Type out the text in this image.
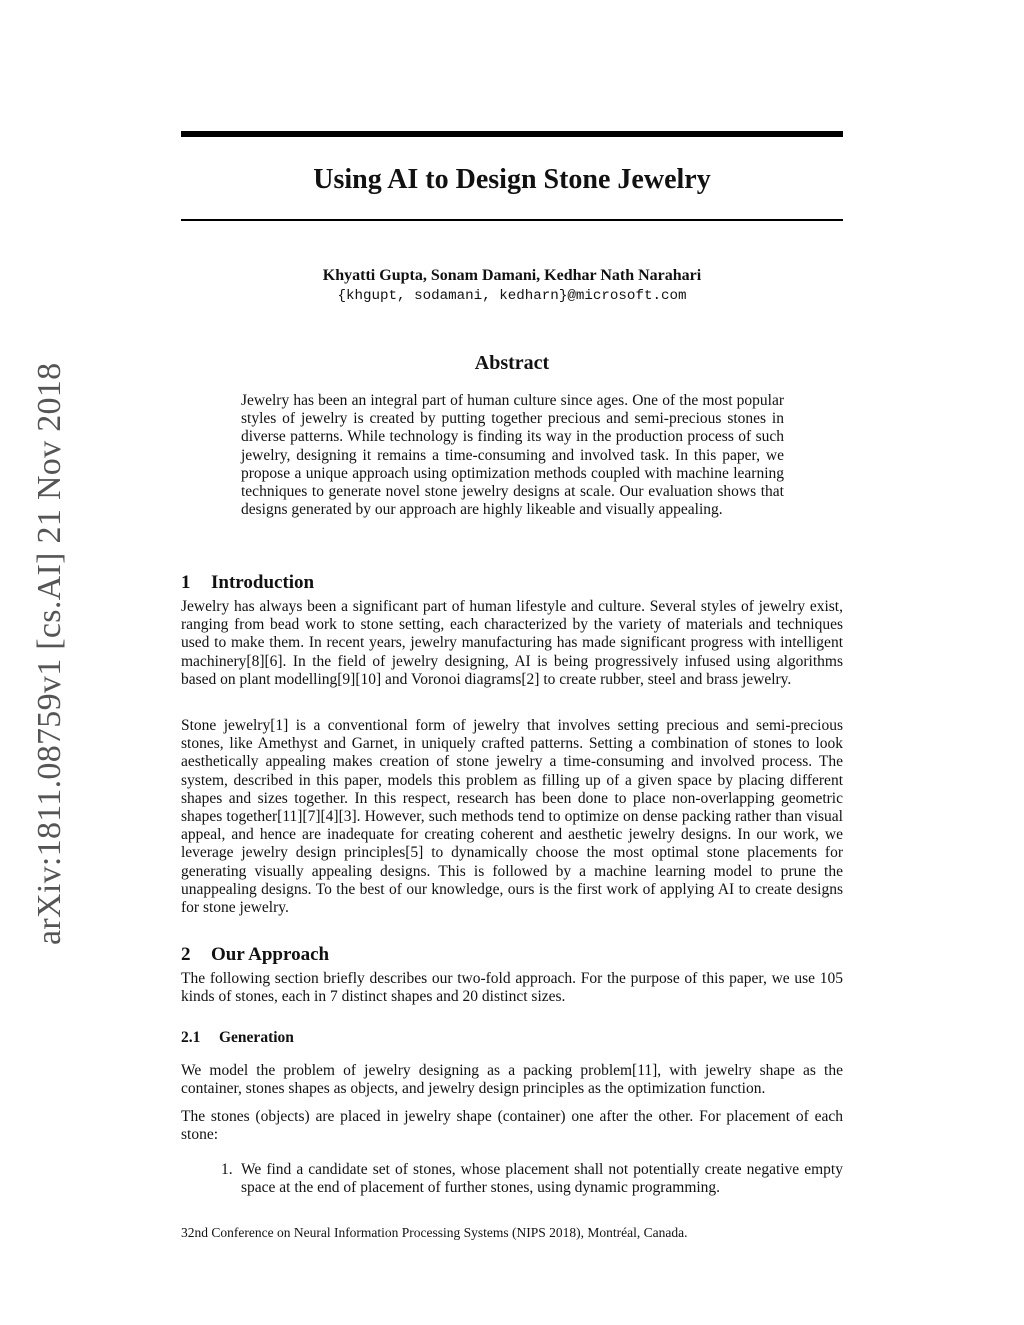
arXiv:1811.08759v1 [cs.AI] 21 Nov 2018
Using AI to Design Stone Jewelry
Khyatti Gupta, Sonam Damani, Kedhar Nath Narahari
{khgupt, sodamani, kedharn}@microsoft.com
Abstract

Jewelry has been an integral part of human culture since ages. One of the most popular styles of jewelry is created by putting together precious and semi-precious stones in diverse patterns. While technology is finding its way in the production process of such jewelry, designing it remains a time-consuming and involved task. In this paper, we propose a unique approach using optimization methods coupled with machine learning techniques to generate novel stone jewelry designs at scale. Our evaluation shows that designs generated by our approach are highly likeable and visually appealing.

1 Introduction

Jewelry has always been a significant part of human lifestyle and culture. Several styles of jewelry exist, ranging from bead work to stone setting, each characterized by the variety of materials and techniques used to make them. In recent years, jewelry manufacturing has made significant progress with intelligent machinery[8][6]. In the field of jewelry designing, AI is being progressively infused using algorithms based on plant modelling[9][10] and Voronoi diagrams[2] to create rubber, steel and brass jewelry.

Stone jewelry[1] is a conventional form of jewelry that involves setting precious and semi-precious stones, like Amethyst and Garnet, in uniquely crafted patterns. Setting a combination of stones to look aesthetically appealing makes creation of stone jewelry a time-consuming and involved process. The system, described in this paper, models this problem as filling up of a given space by placing different shapes and sizes together. In this respect, research has been done to place non-overlapping geometric shapes together[11][7][4][3]. However, such methods tend to optimize on dense packing rather than visual appeal, and hence are inadequate for creating coherent and aesthetic jewelry designs. In our work, we leverage jewelry design principles[5] to dynamically choose the most optimal stone placements for generating visually appealing designs. This is followed by a machine learning model to prune the unappealing designs. To the best of our knowledge, ours is the first work of applying AI to create designs for stone jewelry.

2 Our Approach

The following section briefly describes our two-fold approach. For the purpose of this paper, we use 105 kinds of stones, each in 7 distinct shapes and 20 distinct sizes.

2.1 Generation

We model the problem of jewelry designing as a packing problem[11], with jewelry shape as the container, stones shapes as objects, and jewelry design principles as the optimization function.

The stones (objects) are placed in jewelry shape (container) one after the other. For placement of each stone:

1. We find a candidate set of stones, whose placement shall not potentially create negative empty space at the end of placement of further stones, using dynamic programming.
32nd Conference on Neural Information Processing Systems (NIPS 2018), Montréal, Canada.
